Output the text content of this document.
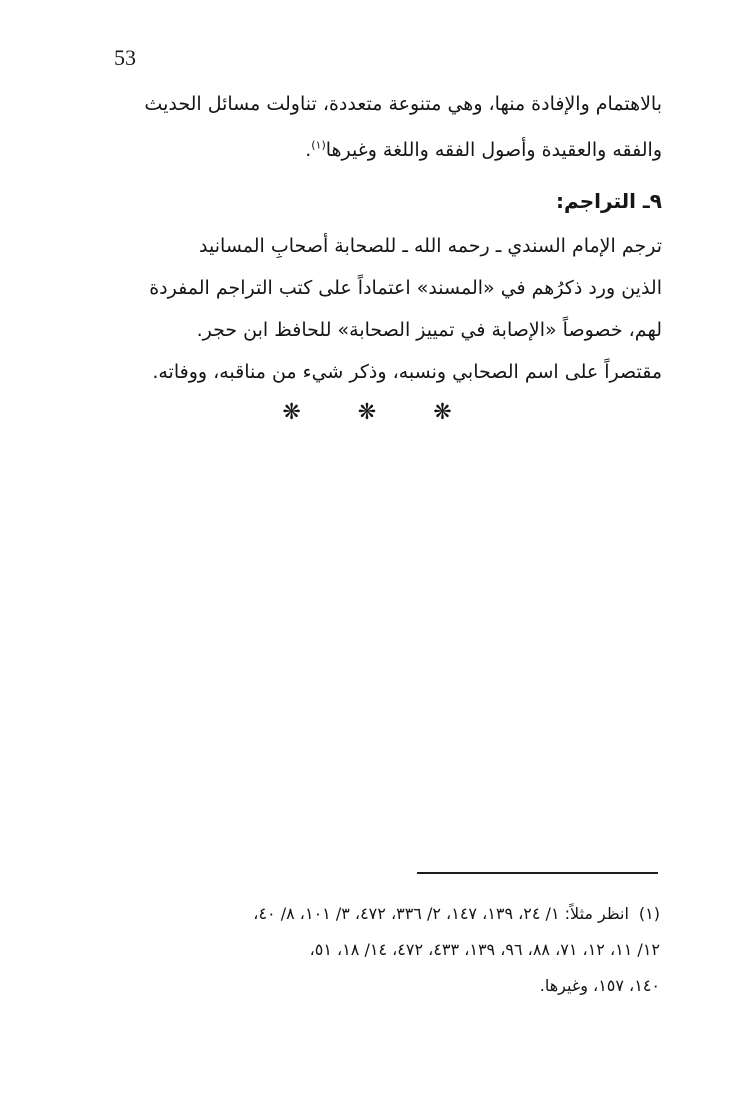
53
بالاهتمام والإفادة منها، وهي متنوعة متعددة، تناولت مسائل الحديث
والفقه والعقيدة وأصول الفقه واللغة وغيرها$^{(١)}$.
٩ـ التراجم:
ترجم الإمام السندي ـ رحمه الله ـ للصحابة أصحابِ المسانيد
الذين ورد ذكرُهم في «المسند» اعتماداً على كتب التراجم المفردة
لهم، خصوصاً «الإصابة في تمييز الصحابة» للحافظ ابن حجر.
مقتصراً على اسم الصحابي ونسبه، وذكر شيء من مناقبه، ووفاته.
❋ ❋ ❋
(١)انظر مثلاً: ١/ ٢٤، ١٣٩، ١٤٧، ٢/ ٣٣٦، ٤٧٢، ٣/ ١٠١، ٨/ ٤٠،
١٢/ ١١، ١٢، ٧١، ٨٨، ٩٦، ١٣٩، ٤٣٣، ٤٧٢، ١٤/ ١٨، ٥١،
١٤٠، ١٥٧، وغيرها.
